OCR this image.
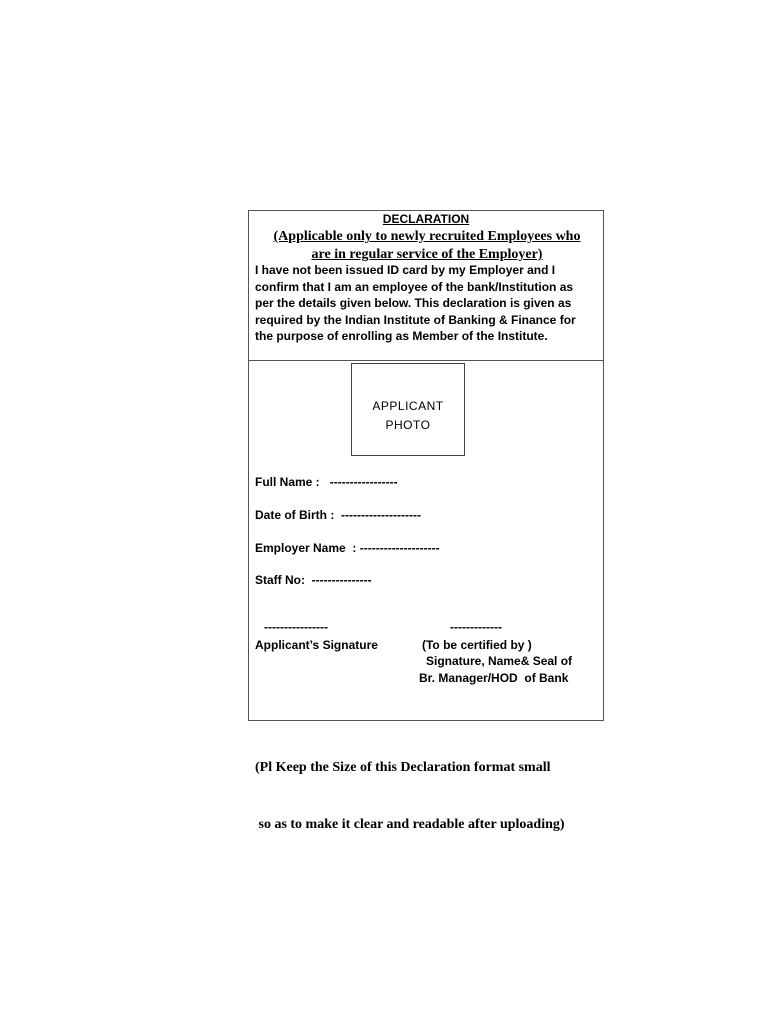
DECLARATION
(Applicable only to newly recruited Employees who
are in regular service of the Employer)
I have not been issued ID card by my Employer and I
confirm that I am an employee of the bank/Institution as
per the details given below. This declaration is given as
required by the Indian Institute of Banking & Finance for
the purpose of enrolling as Member of the Institute.
APPLICANT
PHOTO
Full Name : -----------------
Date of Birth : --------------------
Employer Name  : --------------------
Staff No: ---------------
----------------
Applicant’s Signature
-------------
(To be certified by )
Signature, Name& Seal of
Br. Manager/HOD  of Bank

(Pl Keep the Size of this Declaration format small

so as to make it clear and readable after uploading)
